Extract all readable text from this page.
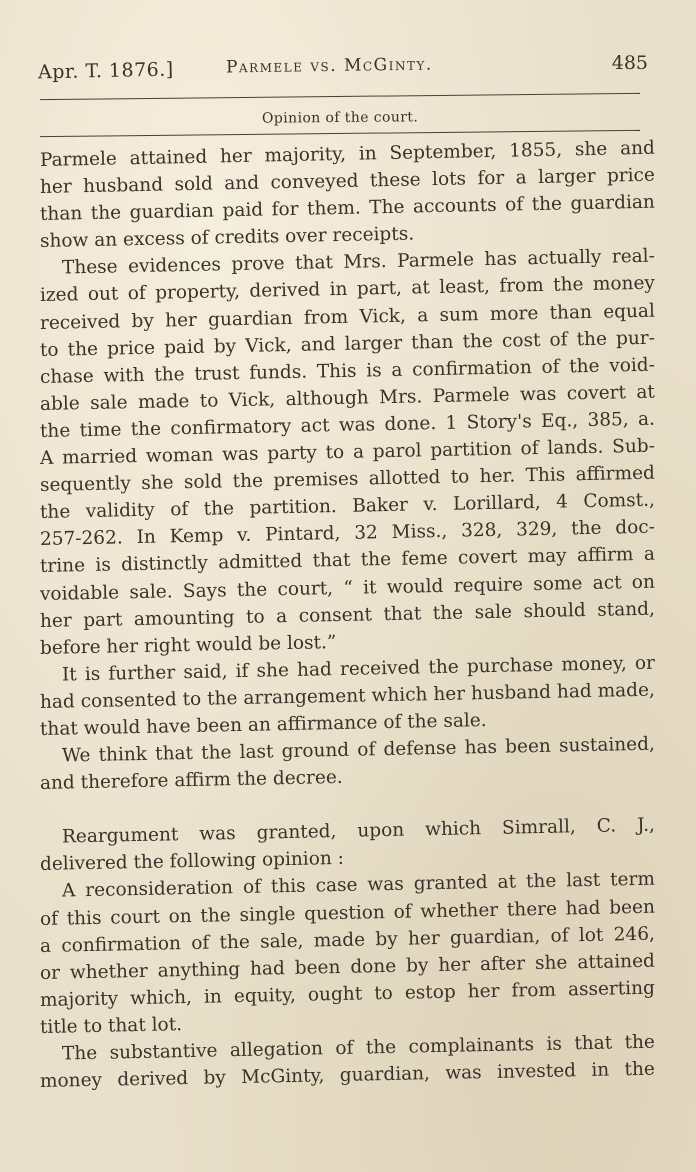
Apr. T. 1876.]	Parmele vs. McGinty.	485
Opinion of the court.
Parmele attained her majority, in September, 1855, she and
her husband sold and conveyed these lots for a larger price
than the guardian paid for them. The accounts of the guardian
show an excess of credits over receipts.
These evidences prove that Mrs. Parmele has actually real-
ized out of property, derived in part, at least, from the money
received by her guardian from Vick, a sum more than equal
to the price paid by Vick, and larger than the cost of the pur-
chase with the trust funds. This is a confirmation of the void-
able sale made to Vick, although Mrs. Parmele was covert at
the time the confirmatory act was done. 1 Story's Eq., 385, a.
A married woman was party to a parol partition of lands. Sub-
sequently she sold the premises allotted to her. This affirmed
the validity of the partition. Baker v. Lorillard, 4 Comst.,
257-262. In Kemp v. Pintard, 32 Miss., 328, 329, the doc-
trine is distinctly admitted that the feme covert may affirm a
voidable sale. Says the court, “ it would require some act on
her part amounting to a consent that the sale should stand,
before her right would be lost.”
It is further said, if she had received the purchase money, or
had consented to the arrangement which her husband had made,
that would have been an affirmance of the sale.
We think that the last ground of defense has been sustained,
and therefore affirm the decree.
Reargument was granted, upon which Simrall, C. J.,
delivered the following opinion :
A reconsideration of this case was granted at the last term
of this court on the single question of whether there had been
a confirmation of the sale, made by her guardian, of lot 246,
or whether anything had been done by her after she attained
majority which, in equity, ought to estop her from asserting
title to that lot.
The substantive allegation of the complainants is that the
money derived by McGinty, guardian, was invested in the
